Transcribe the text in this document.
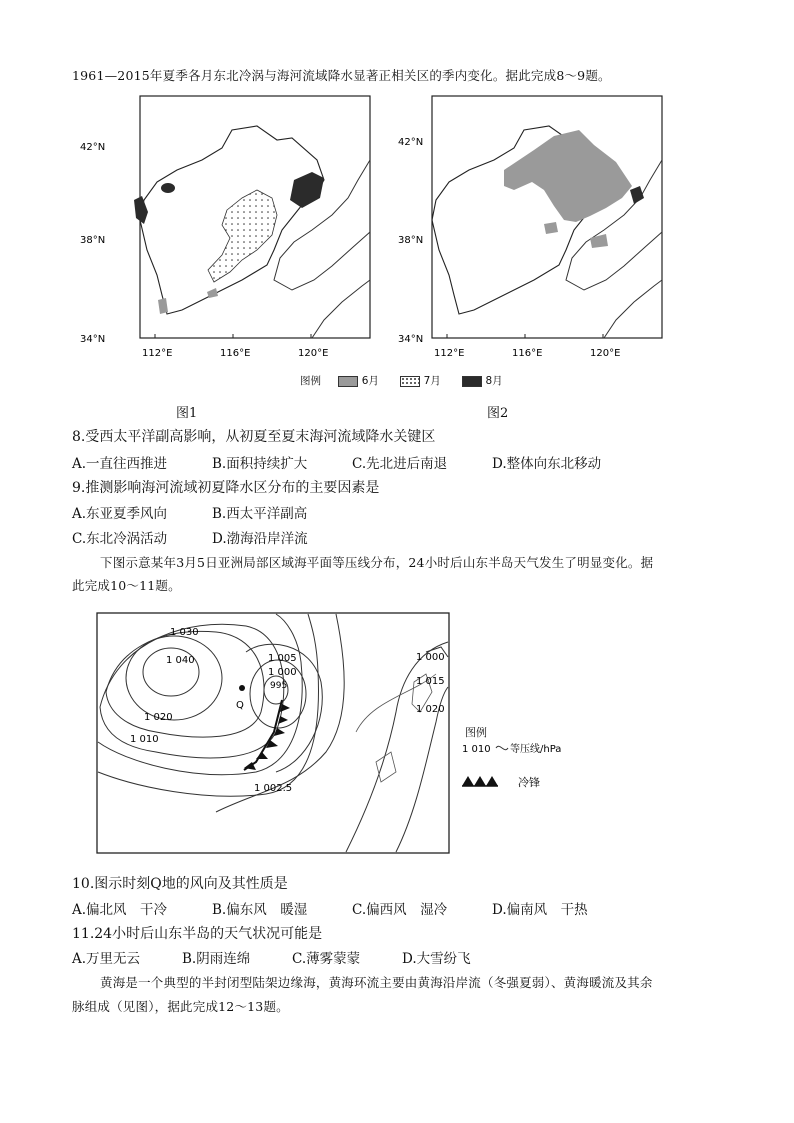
1961—2015年夏季各月东北冷涡与海河流域降水显著正相关区的季内变化。据此完成8～9题。
42°N
38°N
34°N
112°E	116°E	120°E
42°N
38°N
34°N
112°E	116°E	120°E
图例	6月	7月	8月
图1	图2
8.受西太平洋副高影响，从初夏至夏末海河流域降水关键区
A.一直往西推进	B.面积持续扩大	C.先北进后南退	D.整体向东北移动
9.推测影响海河流域初夏降水区分布的主要因素是
A.东亚夏季风向	B.西太平洋副高
C.东北冷涡活动	D.渤海沿岸洋流
下图示意某年3月5日亚洲局部区域海平面等压线分布，24小时后山东半岛天气发生了明显变化。据
此完成10～11题。
Q
1 030
1 040
1 020
1 010
1 005
1 000
995
1 002.5
1 000
1 015
1 020
图例
1 010 等压线/hPa
冷锋
10.图示时刻Q地的风向及其性质是
A.偏北风　干冷	B.偏东风　暖湿	C.偏西风　湿冷	D.偏南风　干热
11.24小时后山东半岛的天气状况可能是
A.万里无云	B.阴雨连绵	C.薄雾蒙蒙	D.大雪纷飞
黄海是一个典型的半封闭型陆架边缘海，黄海环流主要由黄海沿岸流（冬强夏弱）、黄海暖流及其余
脉组成（见图），据此完成12～13题。
